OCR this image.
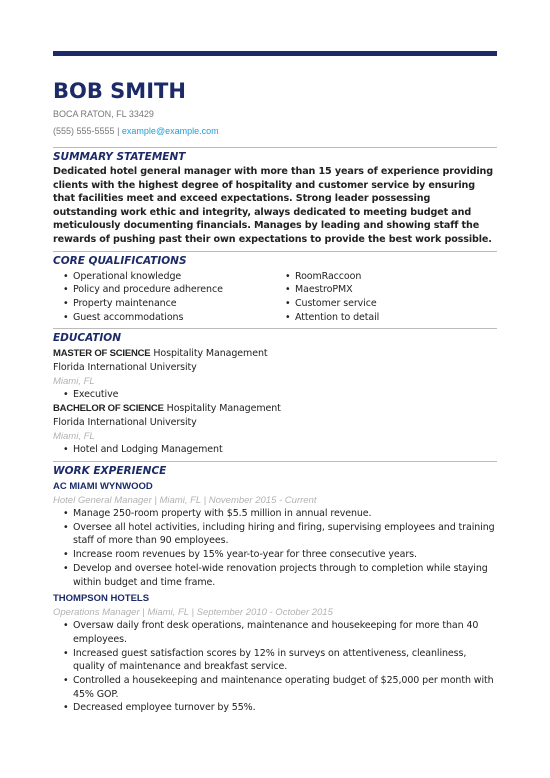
BOB SMITH
BOCA RATON, FL 33429
(555) 555-5555 | example@example.com
SUMMARY STATEMENT

Dedicated hotel general manager with more than 15 years of experience providing clients with the highest degree of hospitality and customer service by ensuring that facilities meet and exceed expectations. Strong leader possessing outstanding work ethic and integrity, always dedicated to meeting budget and meticulously documenting financials. Manages by leading and showing staff the rewards of pushing past their own expectations to provide the best work possible.

CORE QUALIFICATIONS
• Operational knowledge
• Policy and procedure adherence
• Property maintenance
• Guest accommodations
• RoomRaccoon
• MaestroPMX
• Customer service
• Attention to detail
EDUCATION
MASTER OF SCIENCE Hospitality Management
Florida International University
Miami, FL
• Executive
BACHELOR OF SCIENCE Hospitality Management
Florida International University
Miami, FL
• Hotel and Lodging Management
WORK EXPERIENCE
AC MIAMI WYNWOOD
Hotel General Manager | Miami, FL | November 2015 - Current
• Manage 250-room property with $5.5 million in annual revenue.
• Oversee all hotel activities, including hiring and firing, supervising employees and training staff of more than 90 employees.
• Increase room revenues by 15% year-to-year for three consecutive years.
• Develop and oversee hotel-wide renovation projects through to completion while staying within budget and time frame.
THOMPSON HOTELS
Operations Manager | Miami, FL | September 2010 - October 2015
• Oversaw daily front desk operations, maintenance and housekeeping for more than 40 employees.
• Increased guest satisfaction scores by 12% in surveys on attentiveness, cleanliness, quality of maintenance and breakfast service.
• Controlled a housekeeping and maintenance operating budget of $25,000 per month with 45% GOP.
• Decreased employee turnover by 55%.
